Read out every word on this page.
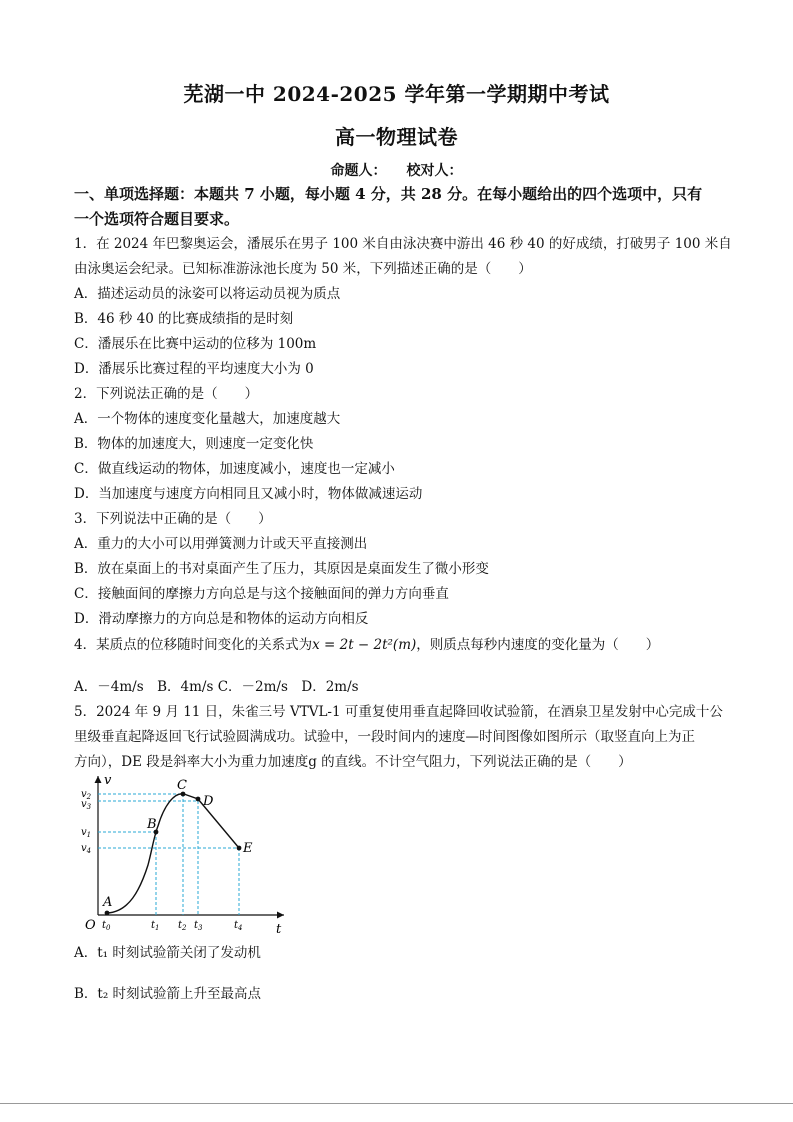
芜湖一中 2024-2025 学年第一学期期中考试
高一物理试卷
命题人： 校对人：
一、单项选择题：本题共 7 小题，每小题 4 分，共 28 分。在每小题给出的四个选项中，只有
一个选项符合题目要求。
1．在 2024 年巴黎奥运会，潘展乐在男子 100 米自由泳决赛中游出 46 秒 40 的好成绩，打破男子 100 米自
由泳奥运会纪录。已知标准游泳池长度为 50 米，下列描述正确的是（　　）
A．描述运动员的泳姿可以将运动员视为质点
B．46 秒 40 的比赛成绩指的是时刻
C．潘展乐在比赛中运动的位移为 100m
D．潘展乐比赛过程的平均速度大小为 0
2．下列说法正确的是（　　）
A．一个物体的速度变化量越大，加速度越大
B．物体的加速度大，则速度一定变化快
C．做直线运动的物体，加速度减小，速度也一定减小
D．当加速度与速度方向相同且又减小时，物体做减速运动
3．下列说法中正确的是（　　）
A．重力的大小可以用弹簧测力计或天平直接测出
B．放在桌面上的书对桌面产生了压力，其原因是桌面发生了微小形变
C．接触面间的摩擦力方向总是与这个接触面间的弹力方向垂直
D．滑动摩擦力的方向总是和物体的运动方向相反
4．某质点的位移随时间变化的关系式为x = 2t − 2t²(m)，则质点每秒内速度的变化量为（　　）
A．－4m/s　B．4m/s C．－2m/s　D．2m/s
5．2024 年 9 月 11 日，朱雀三号 VTVL-1 可重复使用垂直起降回收试验箭，在酒泉卫星发射中心完成十公
里级垂直起降返回飞行试验圆满成功。试验中，一段时间内的速度—时间图像如图所示（取竖直向上为正
方向），DE 段是斜率大小为重力加速度g 的直线。不计空气阻力，下列说法正确的是（　　）
v
t
O
A
B
C
D
E
$v_2$
$v_3$
$v_1$
$v_4$
$t_0$	$t_1$ $t_2$ $t_3$	$t_4$
A．t₁ 时刻试验箭关闭了发动机
B．t₂ 时刻试验箭上升至最高点
